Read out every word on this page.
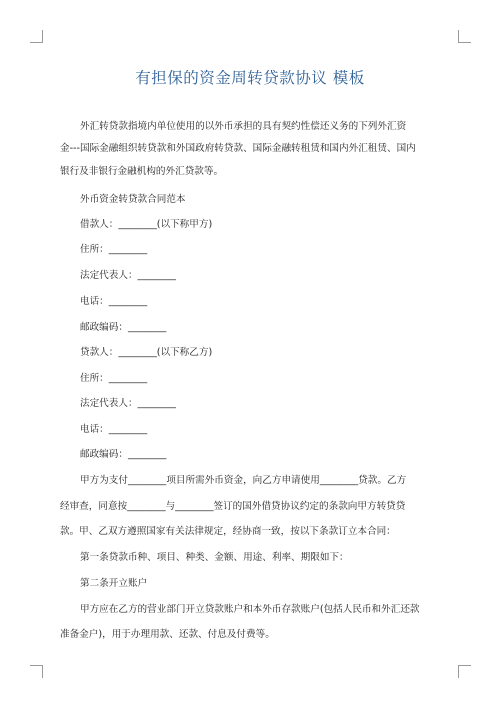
有担保的资金周转贷款协议 模板
外汇转贷款指境内单位使用的以外币承担的具有契约性偿还义务的下列外汇资
金---国际金融组织转贷款和外国政府转贷款、国际金融转租赁和国内外汇租赁、国内
银行及非银行金融机构的外汇贷款等。
外币资金转贷款合同范本
借款人：________(以下称甲方)
住所：________
法定代表人：________
电话：________
邮政编码：________
贷款人：________(以下称乙方)
住所：________
法定代表人：________
电话：________
邮政编码：________
甲方为支付________项目所需外币资金，向乙方申请使用________贷款。乙方
经审查，同意按________与________签订的国外借贷协议约定的条款向甲方转贷贷
款。甲、乙双方遵照国家有关法律规定，经协商一致，按以下条款订立本合同：
第一条贷款币种、项目、种类、金额、用途、利率、期限如下：
第二条开立账户
甲方应在乙方的营业部门开立贷款账户和本外币存款账户(包括人民币和外汇还款
准备金户)，用于办理用款、还款、付息及付费等。
